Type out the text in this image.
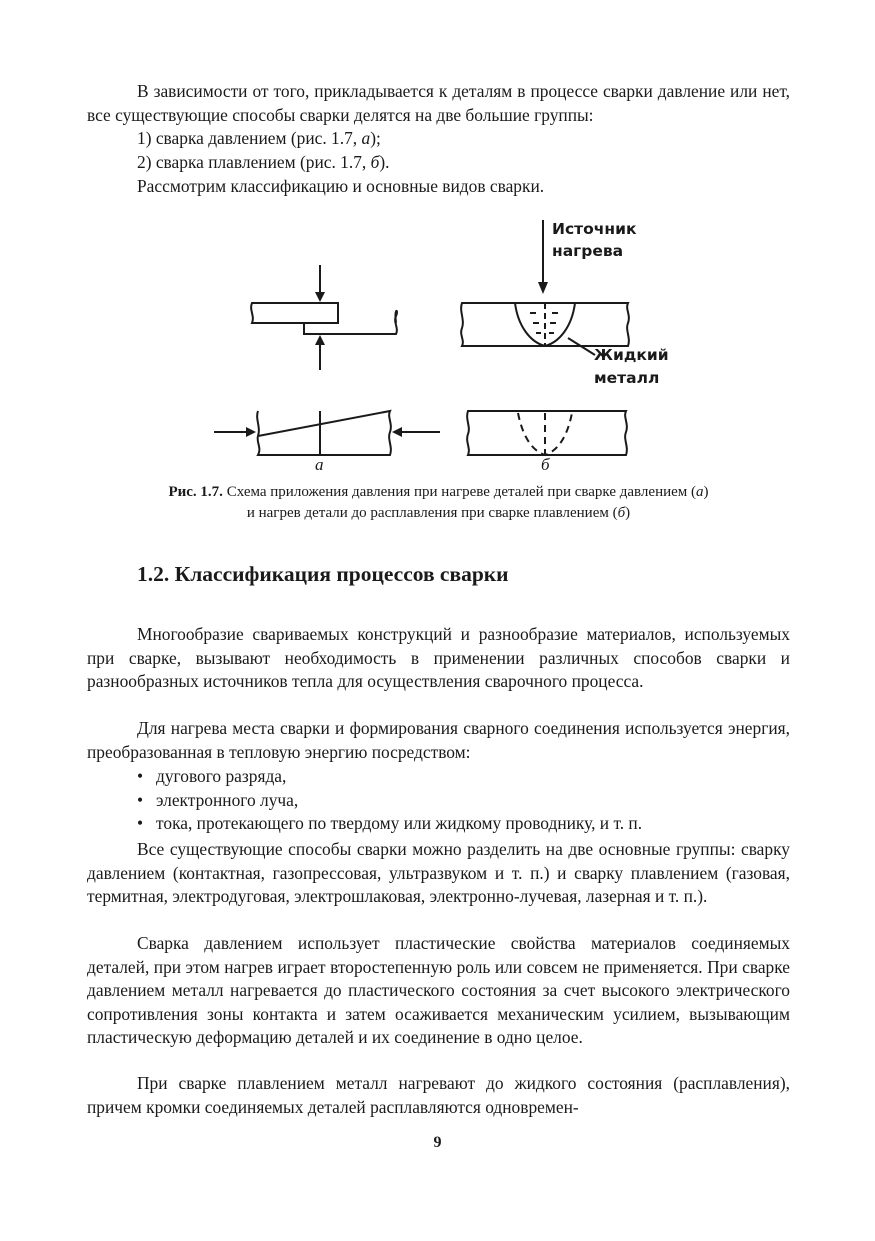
В зависимости от того, прикладывается к деталям в процессе сварки давление или нет, все существующие способы сварки делятся на две большие группы:

1) сварка давлением (рис. 1.7, а);

2) сварка плавлением (рис. 1.7, б).

Рассмотрим классификацию и основные видов сварки.

Источник
нагрева
Жидкий
металл
а	б

Рис. 1.7. Схема приложения давления при нагреве деталей при сварке давлением (а)
и нагрев детали до расплавления при сварке плавлением (б)

1.2. Классификация процессов сварки

Многообразие свариваемых конструкций и разнообразие материалов, используемых при сварке, вызывают необходимость в применении различных способов сварки и разнообразных источников тепла для осуществления сварочного процесса.

Для нагрева места сварки и формирования сварного соединения используется энергия, преобразованная в тепловую энергию посредством:

• дугового разряда,
• электронного луча,
• тока, протекающего по твердому или жидкому проводнику, и т. п.

Все существующие способы сварки можно разделить на две основные группы: сварку давлением (контактная, газопрессовая, ультразвуком и т. п.) и сварку плавлением (газовая, термитная, электродуговая, электрошлаковая, электронно-лучевая, лазерная и т. п.).

Сварка давлением использует пластические свойства материалов соединяемых деталей, при этом нагрев играет второстепенную роль или совсем не применяется. При сварке давлением металл нагревается до пластического состояния за счет высокого электрического сопротивления зоны контакта и затем осаживается механическим усилием, вызывающим пластическую деформацию деталей и их соединение в одно целое.

При сварке плавлением металл нагревают до жидкого состояния (расплавления), причем кромки соединяемых деталей расплавляются одновремен-

9
